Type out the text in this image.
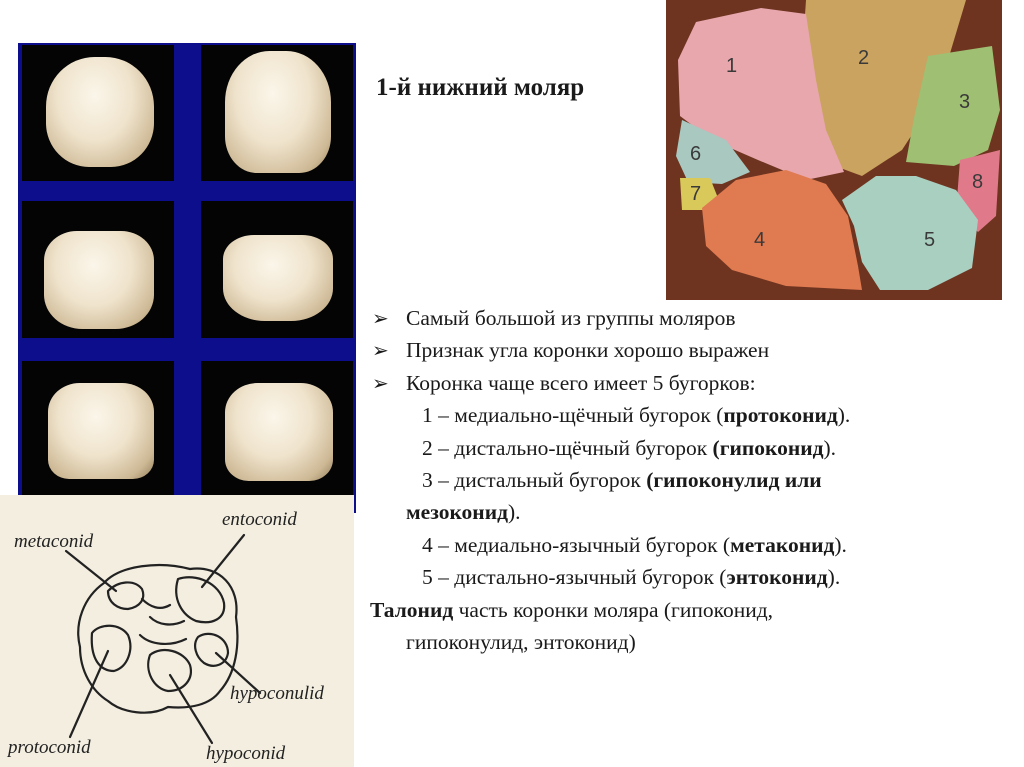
1-й нижний моляр
1	2
3
4	5
6
7
8
➢ Самый большой из группы моляров
➢ Признак угла коронки хорошо выражен
➢ Коронка чаще всего имеет 5 бугорков:
1 – медиально-щёчный бугорок (протоконид).
2 – дистально-щёчный бугорок (гипоконид).
3 – дистальный бугорок (гипоконулид или
мезоконид).
4 – медиально-язычный бугорок (метаконид).
5 – дистально-язычный бугорок (энтоконид).
Талонид часть коронки моляра (гипоконид,
гипоконулид, энтоконид)
metaconid
entoconid
hypoconulid
protoconid	hypoconid
